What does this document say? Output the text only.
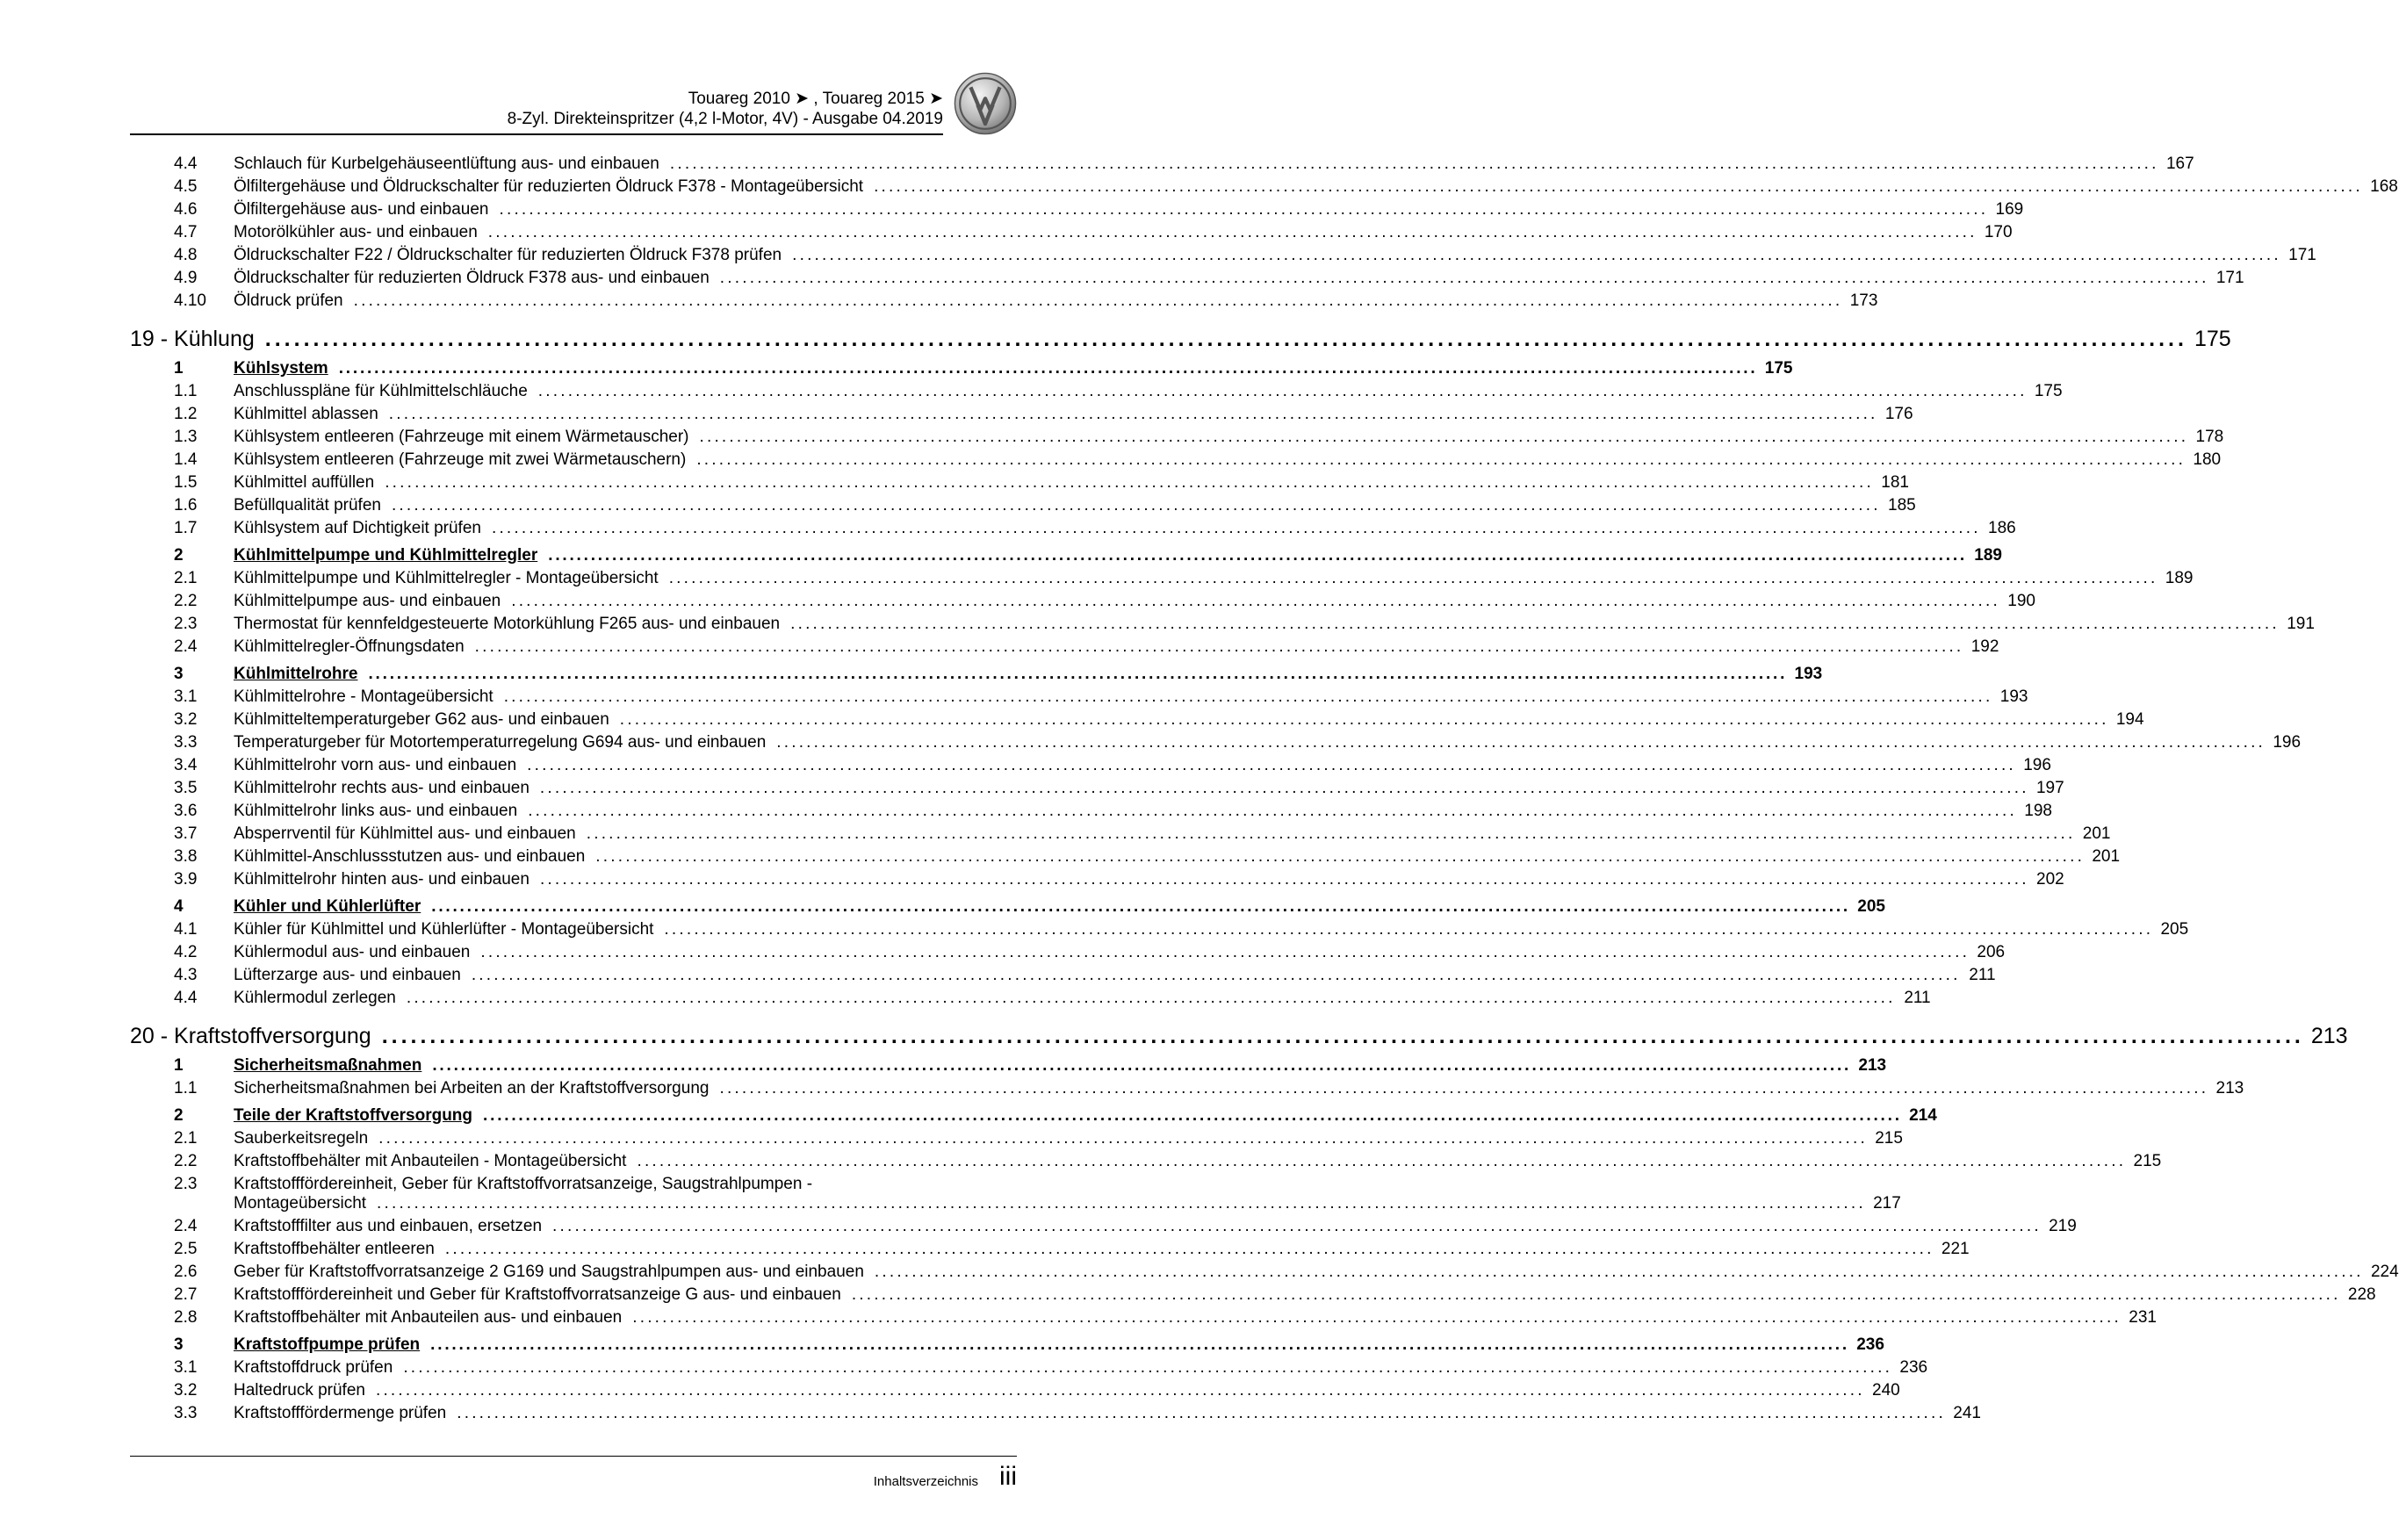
Touareg 2010 ➤ , Touareg 2015 ➤
8-Zyl. Direkteinspritzer (4,2 l-Motor, 4V) - Ausgabe 04.2019
4.4 Schlauch für Kurbelgehäuseentlüftung aus- und einbauen ........................................................................................................................................................................................................ 167
4.5 Ölfiltergehäuse und Öldruckschalter für reduzierten Öldruck F378 - Montageübersicht ........................................................................................................................................................................................................ 168
4.6 Ölfiltergehäuse aus- und einbauen ........................................................................................................................................................................................................ 169
4.7 Motorölkühler aus- und einbauen ........................................................................................................................................................................................................ 170
4.8 Öldruckschalter F22 / Öldruckschalter für reduzierten Öldruck F378 prüfen ........................................................................................................................................................................................................ 171
4.9 Öldruckschalter für reduzierten Öldruck F378 aus- und einbauen ........................................................................................................................................................................................................ 171
4.10 Öldruck prüfen ........................................................................................................................................................................................................ 173
19 - Kühlung ........................................................................................................................................................................................................ 175
1	Kühlsystem ........................................................................................................................................................................................................ 175
1.1 Anschlusspläne für Kühlmittelschläuche ........................................................................................................................................................................................................ 175
1.2 Kühlmittel ablassen ........................................................................................................................................................................................................ 176
1.3 Kühlsystem entleeren (Fahrzeuge mit einem Wärmetauscher) ........................................................................................................................................................................................................ 178
1.4 Kühlsystem entleeren (Fahrzeuge mit zwei Wärmetauschern) ........................................................................................................................................................................................................ 180
1.5 Kühlmittel auffüllen ........................................................................................................................................................................................................ 181
1.6 Befüllqualität prüfen ........................................................................................................................................................................................................ 185
1.7 Kühlsystem auf Dichtigkeit prüfen ........................................................................................................................................................................................................ 186
2	Kühlmittelpumpe und Kühlmittelregler ........................................................................................................................................................................................................ 189
2.1 Kühlmittelpumpe und Kühlmittelregler - Montageübersicht ........................................................................................................................................................................................................ 189
2.2 Kühlmittelpumpe aus- und einbauen ........................................................................................................................................................................................................ 190
2.3 Thermostat für kennfeldgesteuerte Motorkühlung F265 aus- und einbauen ........................................................................................................................................................................................................ 191
2.4 Kühlmittelregler-Öffnungsdaten ........................................................................................................................................................................................................ 192
3	Kühlmittelrohre ........................................................................................................................................................................................................ 193
3.1 Kühlmittelrohre - Montageübersicht ........................................................................................................................................................................................................ 193
3.2 Kühlmitteltemperaturgeber G62 aus- und einbauen ........................................................................................................................................................................................................ 194
3.3 Temperaturgeber für Motortemperaturregelung G694 aus- und einbauen ........................................................................................................................................................................................................ 196
3.4 Kühlmittelrohr vorn aus- und einbauen ........................................................................................................................................................................................................ 196
3.5 Kühlmittelrohr rechts aus- und einbauen ........................................................................................................................................................................................................ 197
3.6 Kühlmittelrohr links aus- und einbauen ........................................................................................................................................................................................................ 198
3.7 Absperrventil für Kühlmittel aus- und einbauen ........................................................................................................................................................................................................ 201
3.8 Kühlmittel-Anschlussstutzen aus- und einbauen ........................................................................................................................................................................................................ 201
3.9 Kühlmittelrohr hinten aus- und einbauen ........................................................................................................................................................................................................ 202
4	Kühler und Kühlerlüfter ........................................................................................................................................................................................................ 205
4.1 Kühler für Kühlmittel und Kühlerlüfter - Montageübersicht ........................................................................................................................................................................................................ 205
4.2 Kühlermodul aus- und einbauen ........................................................................................................................................................................................................ 206
4.3 Lüfterzarge aus- und einbauen ........................................................................................................................................................................................................ 211
4.4 Kühlermodul zerlegen ........................................................................................................................................................................................................ 211
20 - Kraftstoffversorgung ........................................................................................................................................................................................................ 213
1	Sicherheitsmaßnahmen ........................................................................................................................................................................................................ 213
1.1 Sicherheitsmaßnahmen bei Arbeiten an der Kraftstoffversorgung ........................................................................................................................................................................................................ 213
2	Teile der Kraftstoffversorgung ........................................................................................................................................................................................................ 214
2.1 Sauberkeitsregeln ........................................................................................................................................................................................................ 215
2.2 Kraftstoffbehälter mit Anbauteilen - Montageübersicht ........................................................................................................................................................................................................ 215
2.3 Kraftstofffördereinheit, Geber für Kraftstoffvorratsanzeige, Saugstrahlpumpen -
Montageübersicht ........................................................................................................................................................................................................ 217
2.4 Kraftstofffilter aus und einbauen, ersetzen ........................................................................................................................................................................................................ 219
2.5 Kraftstoffbehälter entleeren ........................................................................................................................................................................................................ 221
2.6 Geber für Kraftstoffvorratsanzeige 2 G169 und Saugstrahlpumpen aus- und einbauen ........................................................................................................................................................................................................ 224
2.7 Kraftstofffördereinheit und Geber für Kraftstoffvorratsanzeige G aus- und einbauen ........................................................................................................................................................................................................ 228
2.8 Kraftstoffbehälter mit Anbauteilen aus- und einbauen ........................................................................................................................................................................................................ 231
3	Kraftstoffpumpe prüfen ........................................................................................................................................................................................................ 236
3.1 Kraftstoffdruck prüfen ........................................................................................................................................................................................................ 236
3.2 Haltedruck prüfen ........................................................................................................................................................................................................ 240
3.3 Kraftstofffördermenge prüfen ........................................................................................................................................................................................................ 241
Inhaltsverzeichnis iii
